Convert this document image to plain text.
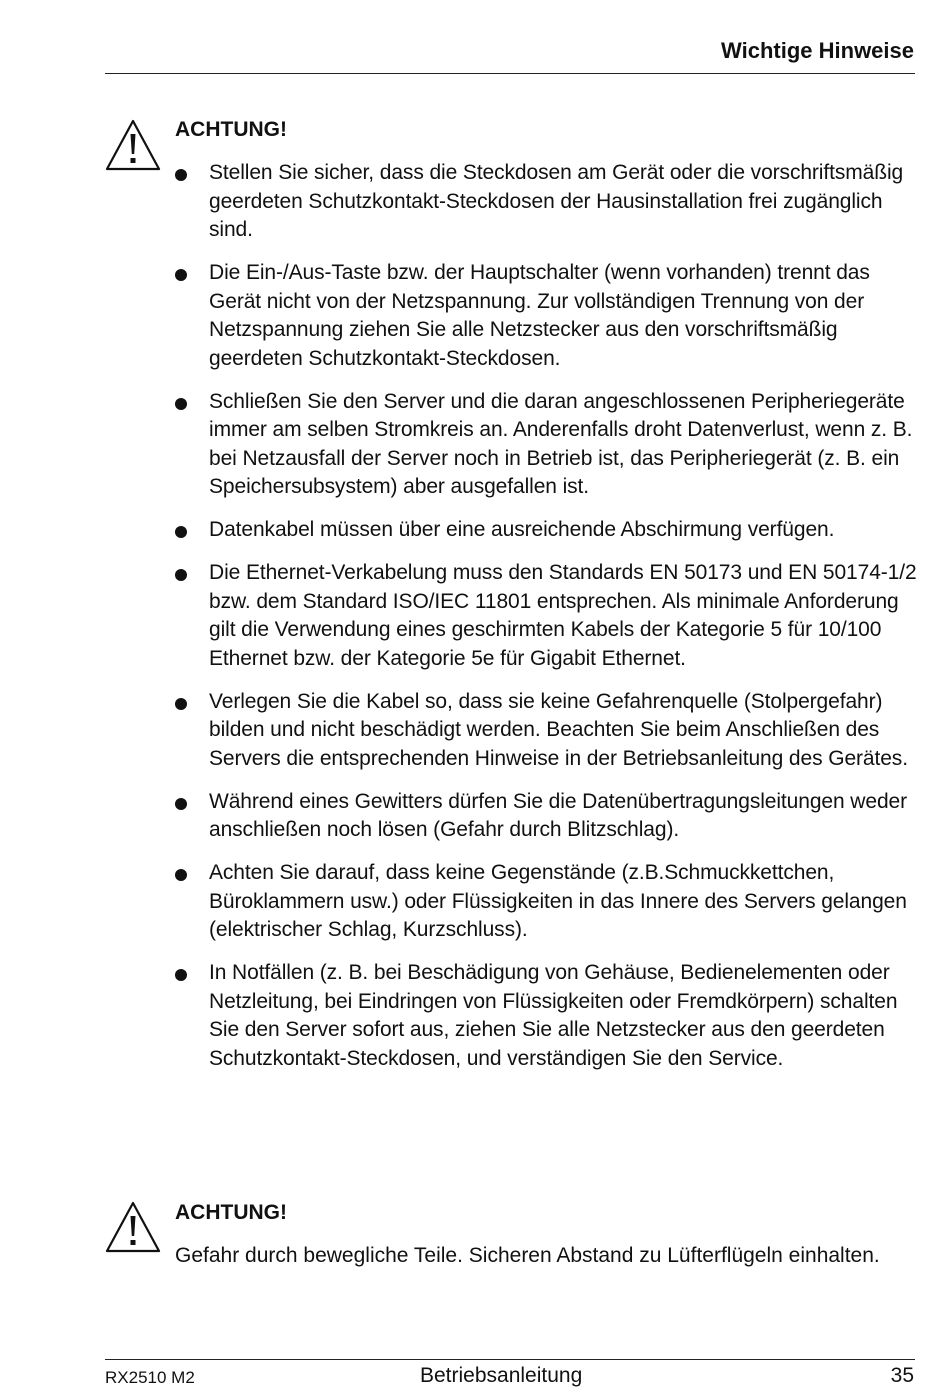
Wichtige Hinweise
ACHTUNG!
Stellen Sie sicher, dass die Steckdosen am Gerät oder die vorschriftsmäßig geerdeten Schutzkontakt-Steckdosen der Hausinstallation frei zugänglich sind.
Die Ein-/Aus-Taste bzw. der Hauptschalter (wenn vorhanden) trennt das Gerät nicht von der Netzspannung. Zur vollständigen Trennung von der Netzspannung ziehen Sie alle Netzstecker aus den vorschriftsmäßig geerdeten Schutzkontakt-Steckdosen.
Schließen Sie den Server und die daran angeschlossenen Peripheriegeräte immer am selben Stromkreis an. Anderenfalls droht Datenverlust, wenn z. B. bei Netzausfall der Server noch in Betrieb ist, das Peripheriegerät (z. B. ein Speichersubsystem) aber ausgefallen ist.
Datenkabel müssen über eine ausreichende Abschirmung verfügen.
Die Ethernet-Verkabelung muss den Standards EN 50173 und EN 50174-1/2 bzw. dem Standard ISO/IEC 11801 entsprechen. Als minimale Anforderung gilt die Verwendung eines geschirmten Kabels der Kategorie 5 für 10/100 Ethernet bzw. der Kategorie 5e für Gigabit Ethernet.
Verlegen Sie die Kabel so, dass sie keine Gefahrenquelle (Stolpergefahr) bilden und nicht beschädigt werden. Beachten Sie beim Anschließen des Servers die entsprechenden Hinweise in der Betriebsanleitung des Gerätes.
Während eines Gewitters dürfen Sie die Datenübertragungsleitungen weder anschließen noch lösen (Gefahr durch Blitzschlag).
Achten Sie darauf, dass keine Gegenstände (z.B.Schmuckkettchen, Büroklammern usw.) oder Flüssigkeiten in das Innere des Servers gelangen (elektrischer Schlag, Kurzschluss).
In Notfällen (z. B. bei Beschädigung von Gehäuse, Bedienelementen oder Netzleitung, bei Eindringen von Flüssigkeiten oder Fremdkörpern) schalten Sie den Server sofort aus, ziehen Sie alle Netzstecker aus den geerdeten Schutzkontakt-Steckdosen, und verständigen Sie den Service.
ACHTUNG!

Gefahr durch bewegliche Teile. Sicheren Abstand zu Lüfterflügeln einhalten.

RX2510 M2	Betriebsanleitung	35
